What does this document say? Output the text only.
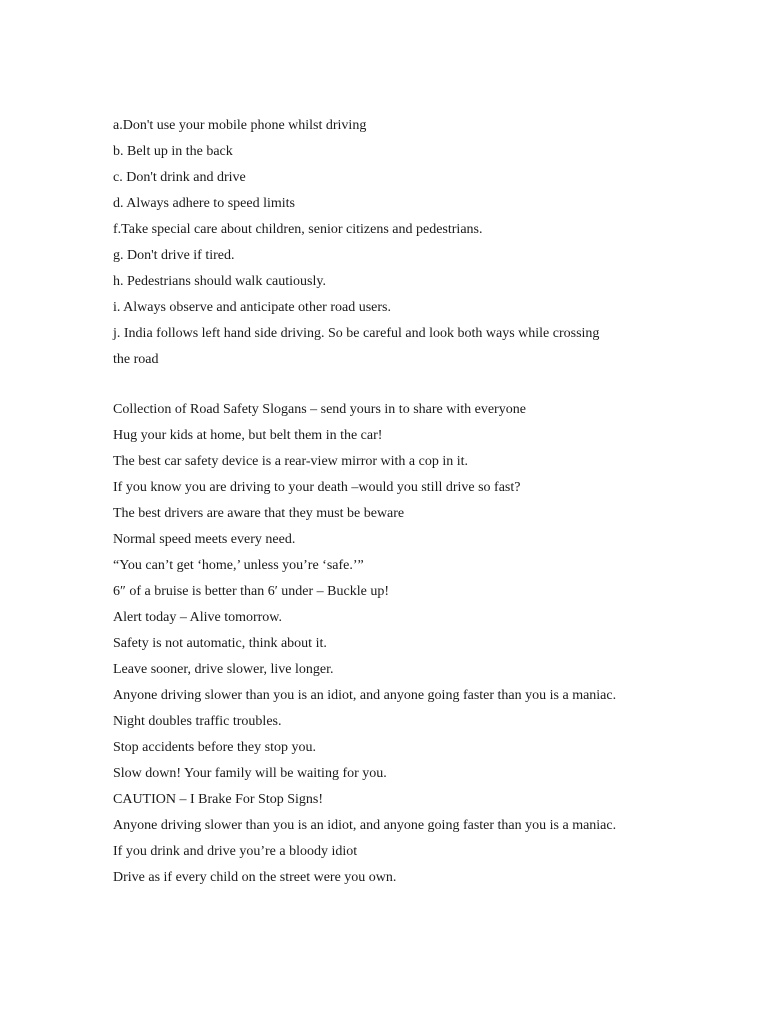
a.Don't use your mobile phone whilst driving
b. Belt up in the back
c. Don't drink and drive
d. Always adhere to speed limits
f.Take special care about children, senior citizens and pedestrians.
g. Don't drive if tired.
h. Pedestrians should walk cautiously.
i. Always observe and anticipate other road users.
j. India follows left hand side driving. So be careful and look both ways while crossing
the road
Collection of Road Safety Slogans – send yours in to share with everyone
Hug your kids at home, but belt them in the car!
The best car safety device is a rear-view mirror with a cop in it.
If you know you are driving to your death –would you still drive so fast?
The best drivers are aware that they must be beware
Normal speed meets every need.
“You can’t get ‘home,’ unless you’re ‘safe.’”
6″ of a bruise is better than 6′ under – Buckle up!
Alert today – Alive tomorrow.
Safety is not automatic, think about it.
Leave sooner, drive slower, live longer.
Anyone driving slower than you is an idiot, and anyone going faster than you is a maniac.
Night doubles traffic troubles.
Stop accidents before they stop you.
Slow down! Your family will be waiting for you.
CAUTION – I Brake For Stop Signs!
Anyone driving slower than you is an idiot, and anyone going faster than you is a maniac.
If you drink and drive you’re a bloody idiot
Drive as if every child on the street were you own.
